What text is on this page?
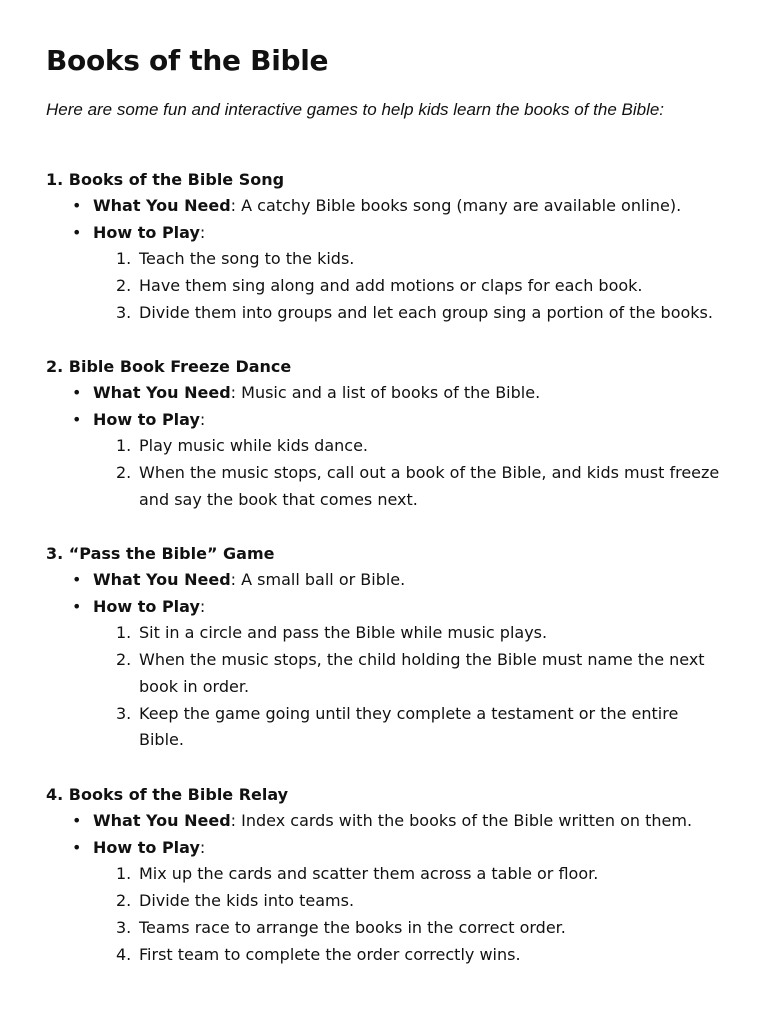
Books of the Bible

Here are some fun and interactive games to help kids learn the books of the Bible:

1. Books of the Bible Song
• What You Need: A catchy Bible books song (many are available online).
• How to Play:
1. Teach the song to the kids.
2. Have them sing along and add motions or claps for each book.
3. Divide them into groups and let each group sing a portion of the books.
2. Bible Book Freeze Dance
• What You Need: Music and a list of books of the Bible.
• How to Play:
1. Play music while kids dance.
2. When the music stops, call out a book of the Bible, and kids must freeze
and say the book that comes next.
3. “Pass the Bible” Game
• What You Need: A small ball or Bible.
• How to Play:
1. Sit in a circle and pass the Bible while music plays.
2. When the music stops, the child holding the Bible must name the next
book in order.
3. Keep the game going until they complete a testament or the entire
Bible.
4. Books of the Bible Relay
• What You Need: Index cards with the books of the Bible written on them.
• How to Play:
1. Mix up the cards and scatter them across a table or floor.
2. Divide the kids into teams.
3. Teams race to arrange the books in the correct order.
4. First team to complete the order correctly wins.
